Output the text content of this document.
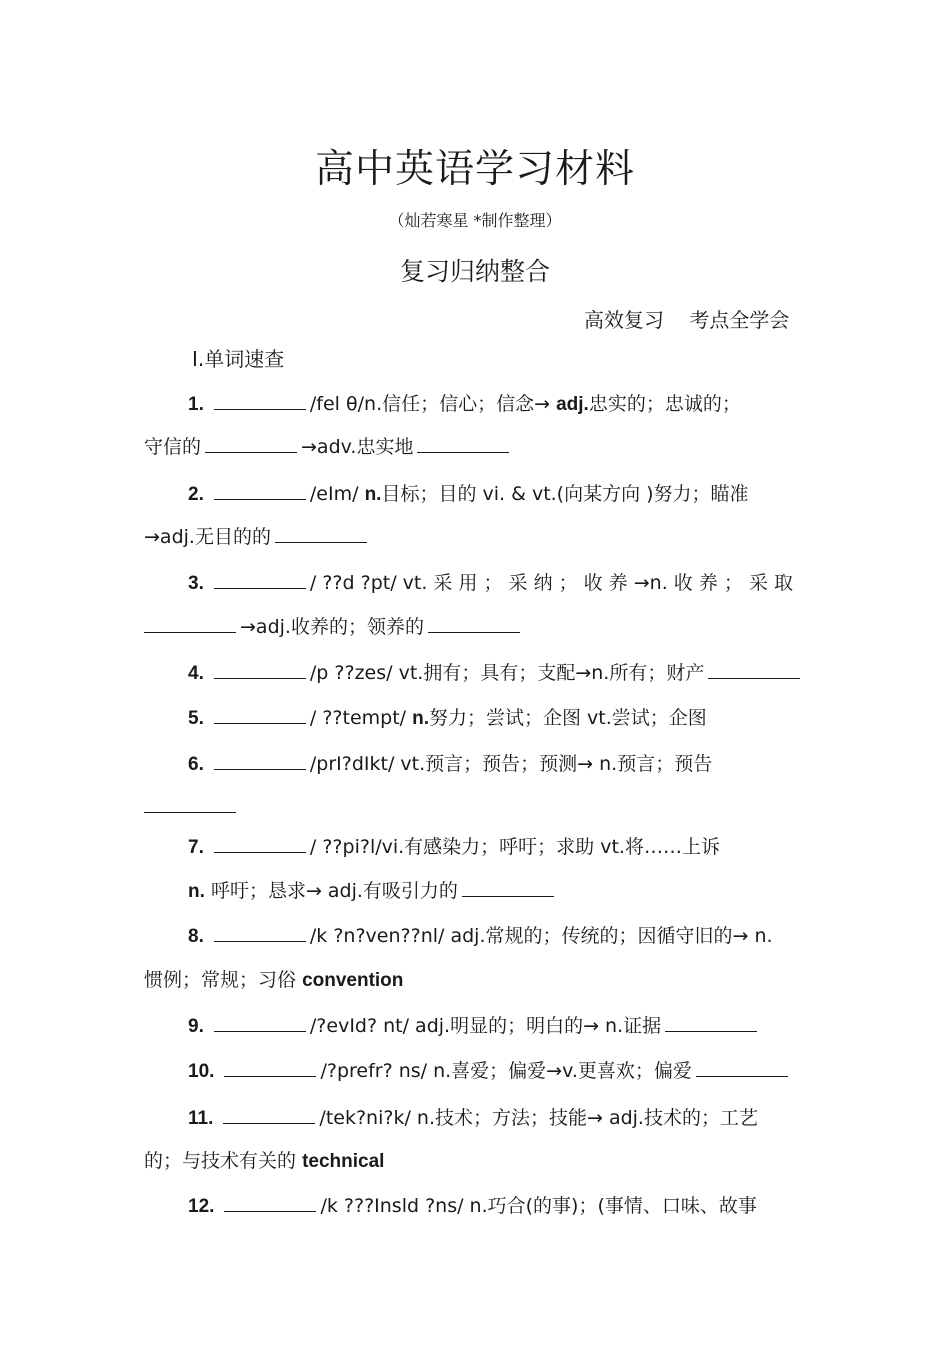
高中英语学习材料
（灿若寒星 *制作整理）
复习归纳整合
高效复习    考点全学会
Ⅰ.单词速查
1.	/fel θ/n.信任；信心；信念→ adj.忠实的；忠诚的；
守信的	→adv.忠实地
2.	/eIm/ n.目标；目的 vi. & vt.(向某方向 )努力；瞄准
→adj.无目的的
3.	/ ??d ?pt/ vt. 采 用 ； 采 纳 ； 收 养 →n. 收 养 ； 采 取
→adj.收养的；领养的
4.	/p ??zes/ vt.拥有；具有；支配→n.所有；财产
5.	/ ??tempt/ n.努力；尝试；企图 vt.尝试；企图
6.	/prI?dIkt/ vt.预言；预告；预测→ n.预言；预告
7.	/ ??pi?l/vi.有感染力；呼吁；求助 vt.将……上诉
n. 呼吁；恳求→ adj.有吸引力的
8.	/k ?n?ven??nl/ adj.常规的；传统的；因循守旧的→ n.
惯例；常规；习俗 convention
9.	/?evId? nt/ adj.明显的；明白的→ n.证据
10.	/?prefr? ns/ n.喜爱；偏爱→v.更喜欢；偏爱
11.	/tek?ni?k/ n.技术；方法；技能→ adj.技术的；工艺
的；与技术有关的 technical
12.	/k ???Insld ?ns/ n.巧合(的事)；(事情、口味、故事
